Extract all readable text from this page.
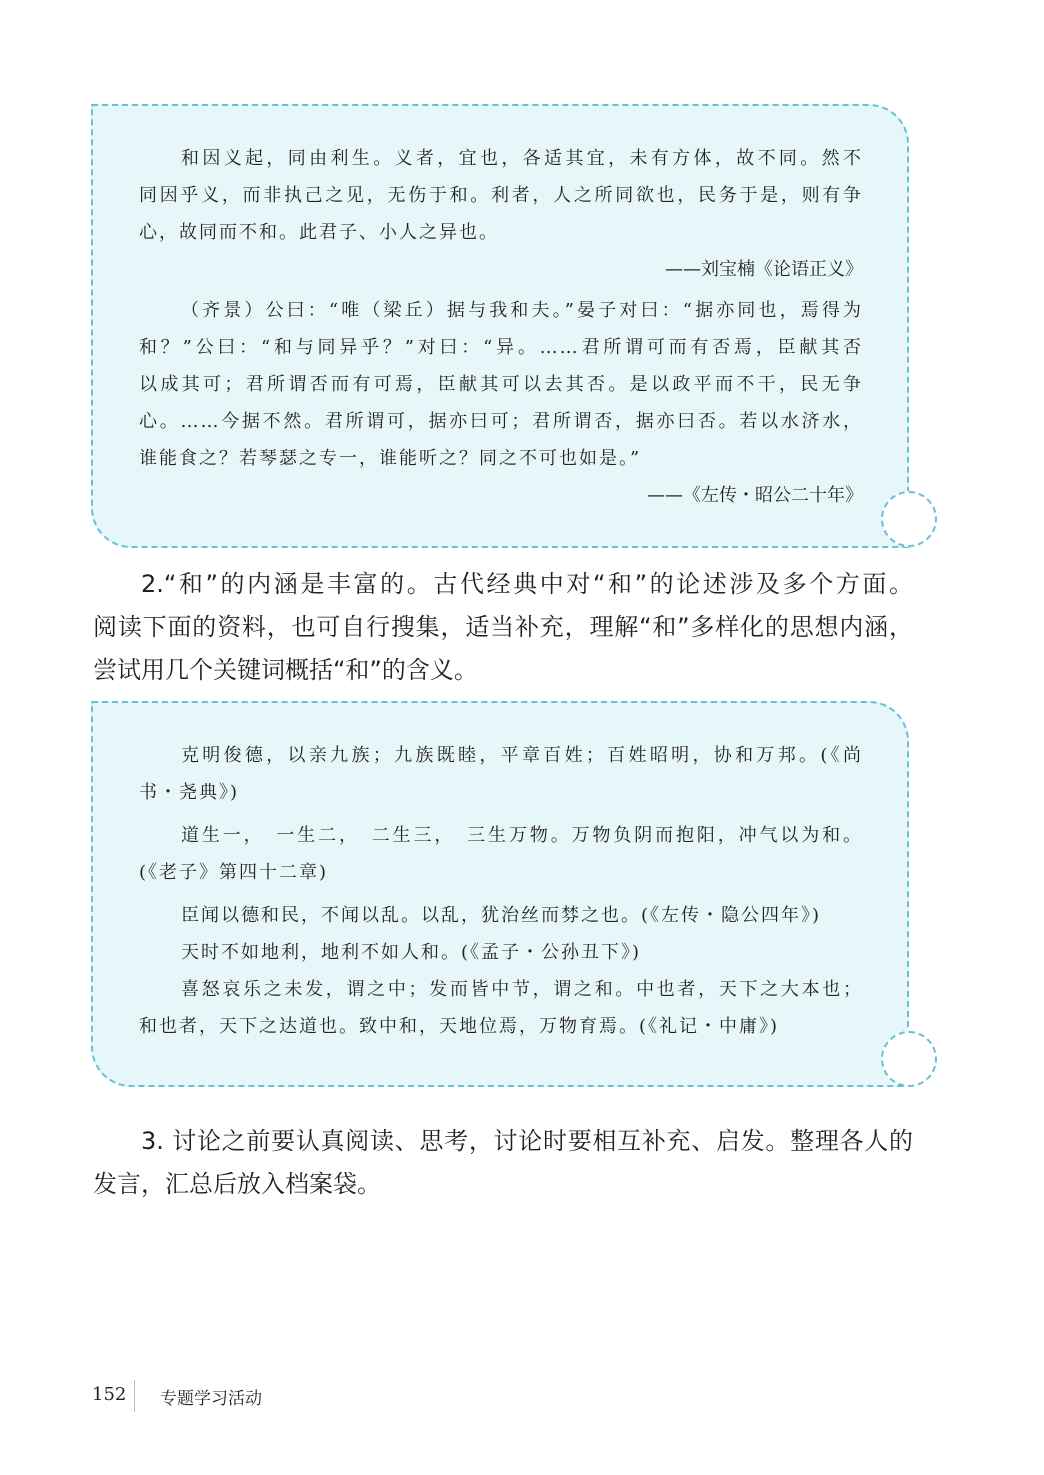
和因义起，同由利生。义者，宜也，各适其宜，未有方体，故不同。然不
同因乎义，而非执己之见，无伤于和。利者，人之所同欲也，民务于是，则有争
心，故同而不和。此君子、小人之异也。
——刘宝楠《论语正义》
（齐景）公曰：“唯（梁丘）据与我和夫。”晏子对曰：“据亦同也，焉得为
和？”公曰：“和与同异乎？”对曰：“异。……君所谓可而有否焉，臣献其否
以成其可；君所谓否而有可焉，臣献其可以去其否。是以政平而不干，民无争
心。……今据不然。君所谓可，据亦曰可；君所谓否，据亦曰否。若以水济水，
谁能食之？若琴瑟之专一，谁能听之？同之不可也如是。”
——《左传・昭公二十年》
2.“和”的内涵是丰富的。古代经典中对“和”的论述涉及多个方面。
阅读下面的资料，也可自行搜集，适当补充，理解“和”多样化的思想内涵，
尝试用几个关键词概括“和”的含义。
克明俊德，以亲九族；九族既睦，平章百姓；百姓昭明，协和万邦。(《尚
书・尧典》)
道生一，　一生二，　二生三，　三生万物。万物负阴而抱阳，冲气以为和。
(《老子》第四十二章)
臣闻以德和民，不闻以乱。以乱，犹治丝而棼之也。(《左传・隐公四年》)
天时不如地利，地利不如人和。(《孟子・公孙丑下》)
喜怒哀乐之未发，谓之中；发而皆中节，谓之和。中也者，天下之大本也；
和也者，天下之达道也。致中和，天地位焉，万物育焉。(《礼记・中庸》)
3. 讨论之前要认真阅读、思考，讨论时要相互补充、启发。整理各人的
发言，汇总后放入档案袋。
152 专题学习活动
